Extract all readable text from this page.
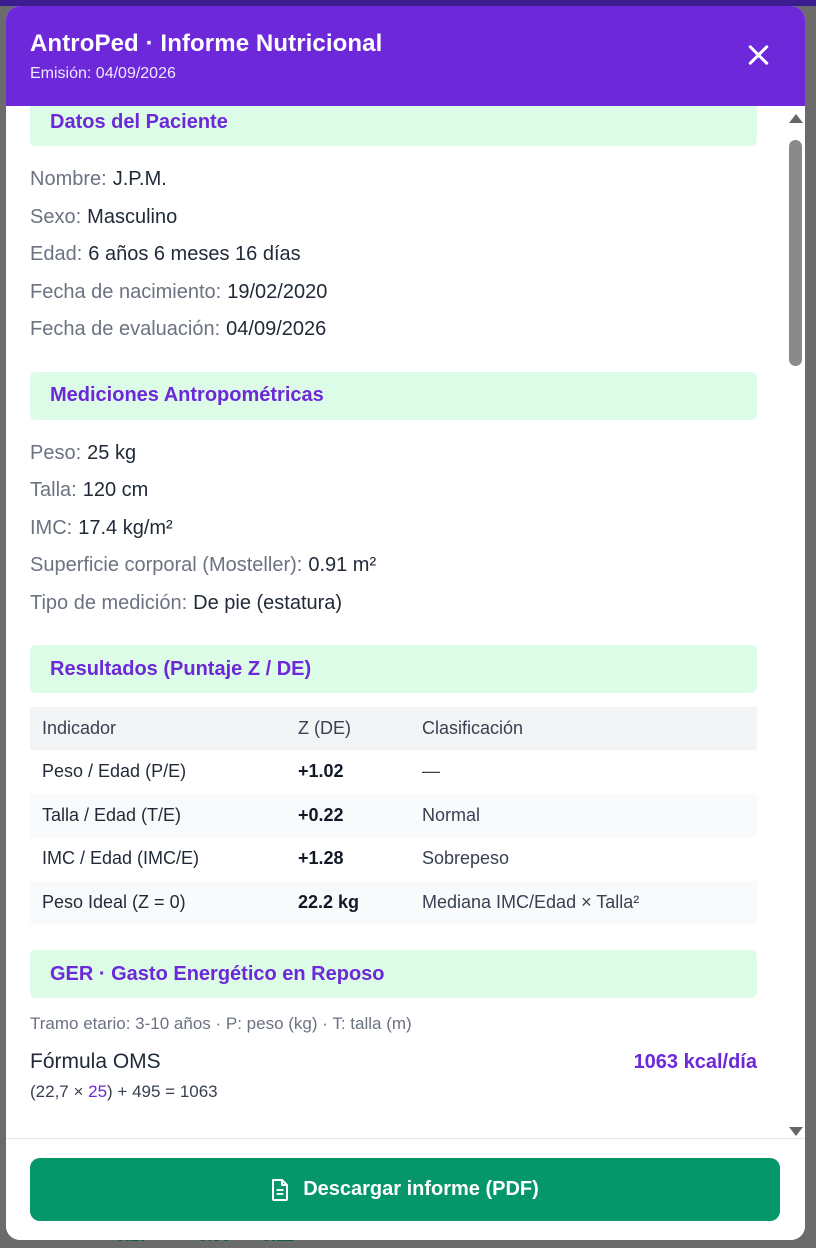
AntroPed · Informe Nutricional
Emisión: 04/09/2026
Datos del Paciente
Nombre: J.P.M.
Sexo: Masculino
Edad: 6 años 6 meses 16 días
Fecha de nacimiento: 19/02/2020
Fecha de evaluación: 04/09/2026
Mediciones Antropométricas
Peso: 25 kg
Talla: 120 cm
IMC: 17.4 kg/m²
Superficie corporal (Mosteller): 0.91 m²
Tipo de medición: De pie (estatura)
Resultados (Puntaje Z / DE)
Indicador	Z (DE)	Clasificación
Peso / Edad (P/E)	+1.02	—
Talla / Edad (T/E)	+0.22	Normal
IMC / Edad (IMC/E)	+1.28	Sobrepeso
Peso Ideal (Z = 0)	22.2 kg	Mediana IMC/Edad × Talla²
GER · Gasto Energético en Reposo
Tramo etario: 3-10 años · P: peso (kg) · T: talla (m)
Fórmula OMS	1063 kcal/día
(22,7 × 25) + 495 = 1063
Descargar informe (PDF)
